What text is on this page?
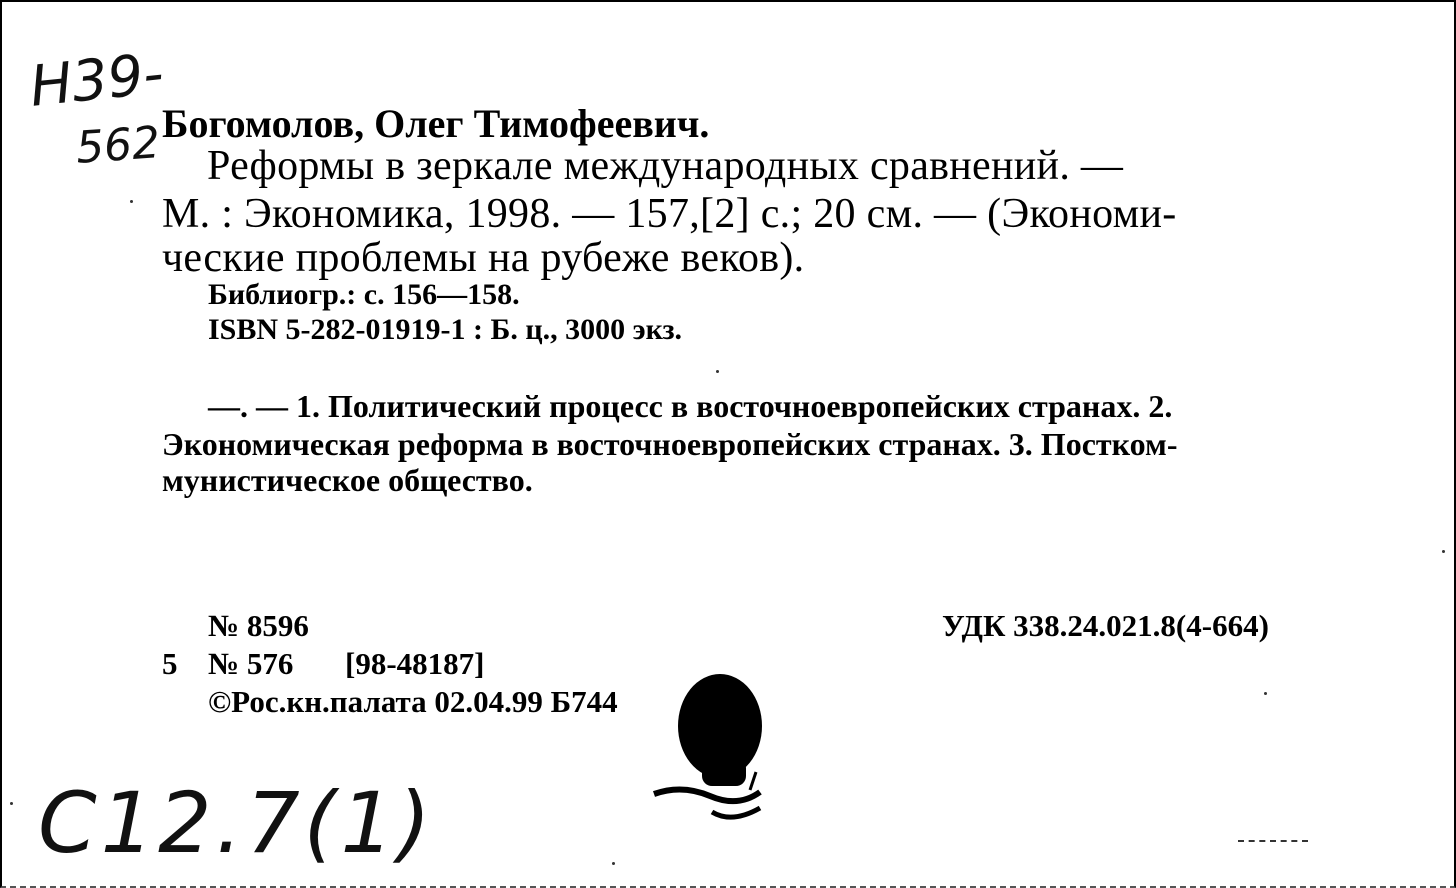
Н39-
562 Богомолов, Олег Тимофеевич.
Реформы в зеркале международных сравнений. —
М. : Экономика, 1998. — 157,[2] с.; 20 см. — (Экономи-
ческие проблемы на рубеже веков).
Библиогр.: с. 156—158.
ISBN 5-282-01919-1 : Б. ц., 3000 экз.
—. — 1. Политический процесс в восточноевропейских странах. 2.
Экономическая реформа в восточноевропейских странах. 3. Постком-
мунистическое общество.
№ 8596	УДК 338.24.021.8(4-664)
5 № 576 [98-48187]
©Рос.кн.палата 02.04.99 Б744
С12.7(1)
